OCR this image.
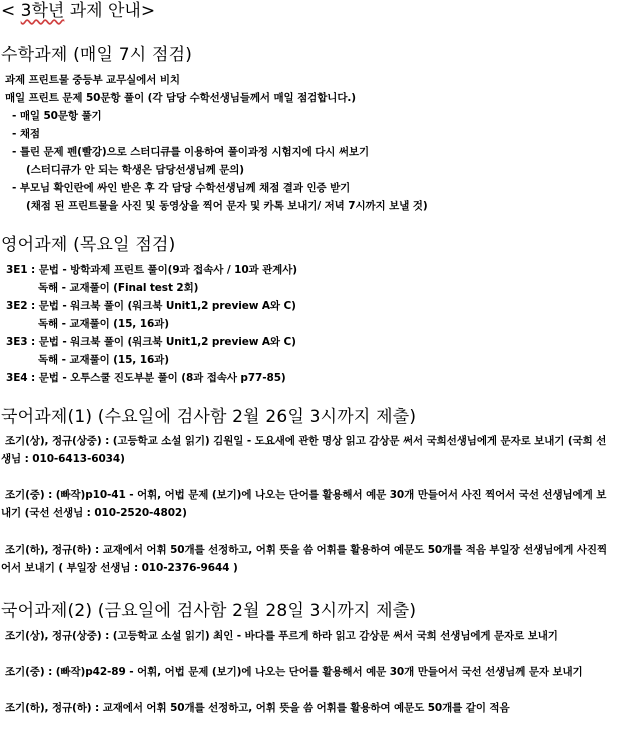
< 3학년 과제 안내>
수학과제 (매일 7시 점검)
과제 프린트물 중등부 교무실에서 비치
매일 프린트 문제 50문항 풀이 (각 담당 수학선생님들께서 매일 점검합니다.)
- 매일 50문항 풀기
- 채점
- 틀린 문제 펜(빨강)으로 스터디큐를 이용하여 풀이과정 시험지에 다시 써보기
(스터디큐가 안 되는 학생은 담당선생님께 문의)
- 부모님 확인란에 싸인 받은 후 각 담당 수학선생님께 채점 결과 인증 받기
(채점 된 프린트물을 사진 및 동영상을 찍어 문자 및 카톡 보내기/ 저녁 7시까지 보낼 것)
영어과제 (목요일 점검)
3E1 : 문법 - 방학과제 프린트 풀이(9과 접속사 / 10과 관계사)
독해 - 교재풀이 (Final test 2회)
3E2 : 문법 - 워크북 풀이 (워크북 Unit1,2 preview A와 C)
독해 - 교재풀이 (15, 16과)
3E3 : 문법 - 워크북 풀이 (워크북 Unit1,2 preview A와 C)
독해 - 교재풀이 (15, 16과)
3E4 : 문법 - 오투스쿨 진도부분 풀이 (8과 접속사 p77-85)
국어과제(1) (수요일에 검사함 2월 26일 3시까지 제출)
조기(상), 정규(상중) : (고등학교 소설 읽기) 김원일 - 도요새에 관한 명상 읽고 감상문 써서 국희선생님에게 문자로 보내기 (국희 선생님 : 010-6413-6034)
조기(중) : (빠작)p10-41 - 어휘, 어법 문제 (보기)에 나오는 단어를 활용해서 예문 30개 만들어서 사진 찍어서 국선 선생님에게 보내기 (국선 선생님 : 010-2520-4802)
조기(하), 정규(하) : 교재에서 어휘 50개를 선정하고, 어휘 뜻을 씀 어휘를 활용하여 예문도 50개를 적음 부일장 선생님에게 사진찍어서 보내기 ( 부일장 선생님 : 010-2376-9644 )
국어과제(2) (금요일에 검사함 2월 28일 3시까지 제출)
조기(상), 정규(상중) : (고등학교 소설 읽기) 최인 - 바다를 푸르게 하라 읽고 감상문 써서 국희 선생님에게 문자로 보내기
조기(중) : (빠작)p42-89 - 어휘, 어법 문제 (보기)에 나오는 단어를 활용해서 예문 30개 만들어서 국선 선생님께 문자 보내기
조기(하), 정규(하) : 교재에서 어휘 50개를 선정하고, 어휘 뜻을 씀 어휘를 활용하여 예문도 50개를 같이 적음
